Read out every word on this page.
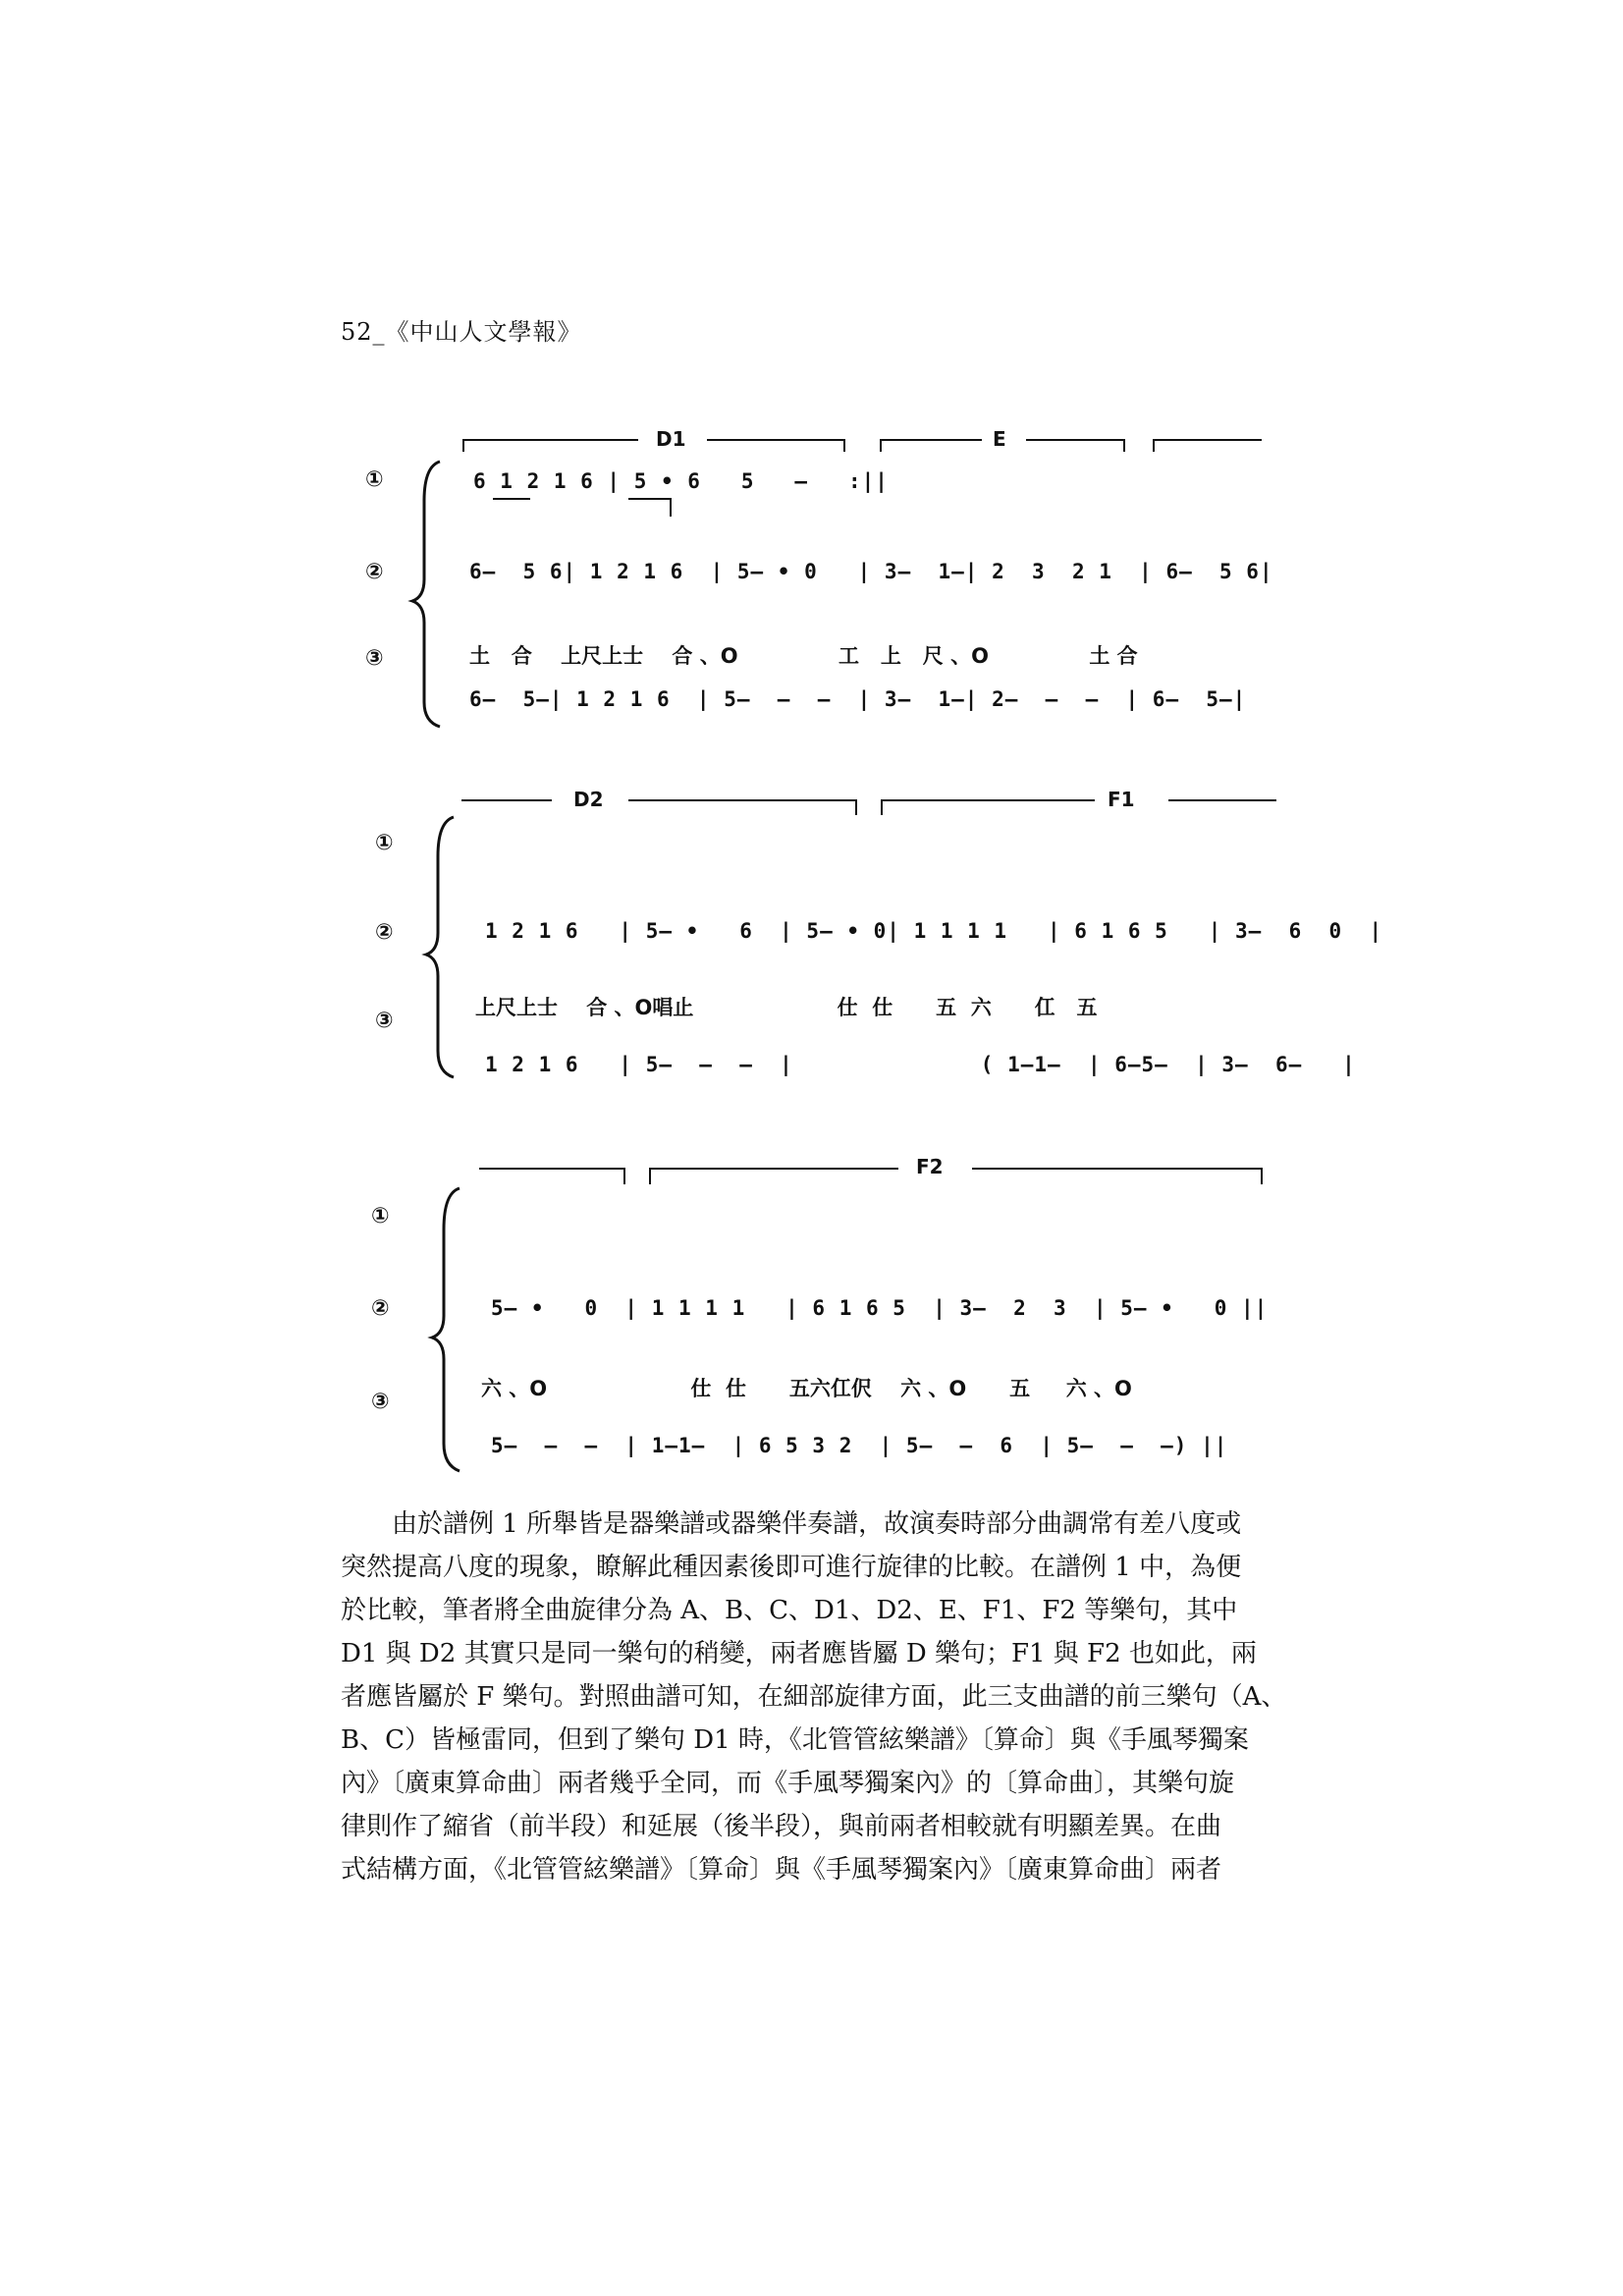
52_《中山人文學報》
D1	E
①
②
③
6 1 2 1 6 | 5 • 6   5   —   :||
6—  5 6| 1 2 1 6  | 5— • 0   | 3—  1—| 2  3  2 1  | 6—  5 6|
土   合    上尺上士    合 、O              工   上   尺 、O              土 合
6—  5—| 1 2 1 6  | 5—  —  —  | 3—  1—| 2—  —  —  | 6—  5—|
D2	F1
①
②
③
1 2 1 6   | 5— •   6  | 5— • 0| 1 1 1 1   | 6 1 6 5   | 3—  6  0  |
上尺上士    合 、O唱止                    仕  仕      五  六      仜   五
1 2 1 6   | 5—  —  —  |              ( 1—1—  | 6—5—  | 3—  6—   |
F2
①
②
③
5— •   0  | 1 1 1 1   | 6 1 6 5  | 3—  2  3  | 5— •   0 ||
六 、O                    仕  仕      五六仜伬    六 、O      五     六 、O
5—  —  —  | 1—1—  | 6 5 3 2  | 5—  —  6  | 5—  —  —) ||
由於譜例 1 所舉皆是器樂譜或器樂伴奏譜，故演奏時部分曲調常有差八度或
突然提高八度的現象，瞭解此種因素後即可進行旋律的比較。在譜例 1 中，為便
於比較，筆者將全曲旋律分為 A、B、C、D1、D2、E、F1、F2 等樂句，其中
D1 與 D2 其實只是同一樂句的稍變，兩者應皆屬 D 樂句；F1 與 F2 也如此，兩
者應皆屬於 F 樂句。對照曲譜可知，在細部旋律方面，此三支曲譜的前三樂句（A、
B、C）皆極雷同，但到了樂句 D1 時，《北管管絃樂譜》〔算命〕與《手風琴獨案
內》〔廣東算命曲〕兩者幾乎全同，而《手風琴獨案內》的〔算命曲〕，其樂句旋
律則作了縮省（前半段）和延展（後半段），與前兩者相較就有明顯差異。在曲
式結構方面，《北管管絃樂譜》〔算命〕與《手風琴獨案內》〔廣東算命曲〕兩者
